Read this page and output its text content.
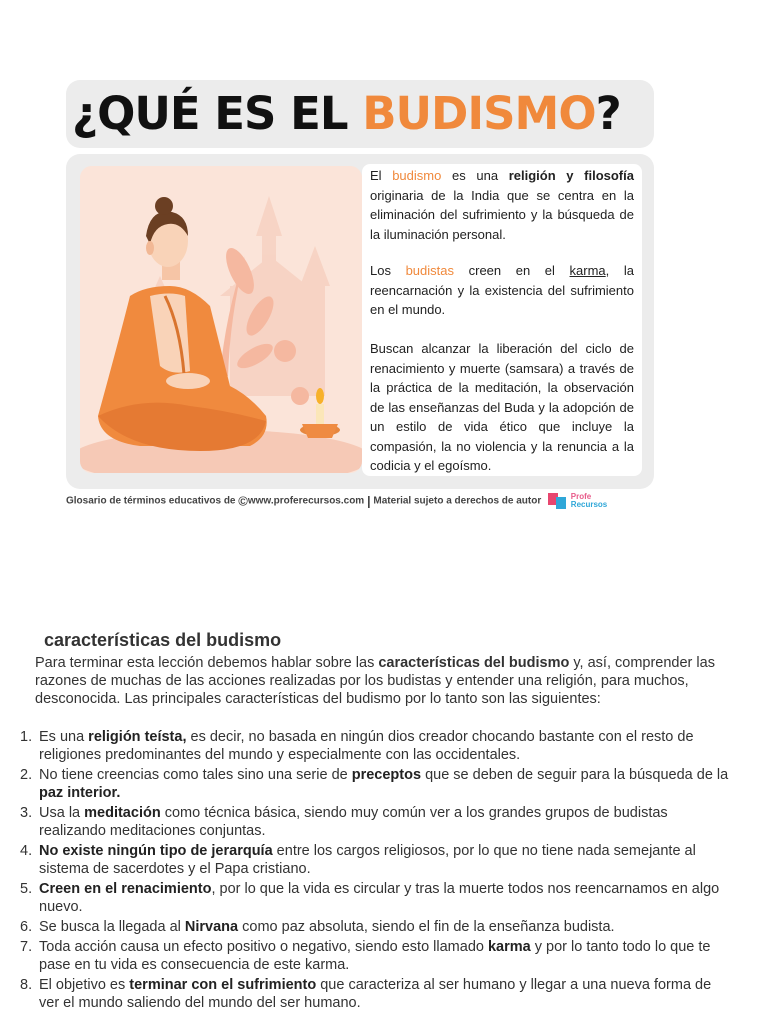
¿QUÉ ES EL BUDISMO?

El budismo es una religión y filosofía originaria de la India que se centra en la eliminación del sufrimiento y la búsqueda de la iluminación personal.

Los budistas creen en el karma, la reencarnación y la existencia del sufrimiento en el mundo.

Buscan alcanzar la liberación del ciclo de renacimiento y muerte (samsara) a través de la práctica de la meditación, la observación de las enseñanzas del Buda y la adopción de un estilo de vida ético que incluye la compasión, la no violencia y la renuncia a la codicia y el egoísmo.

Glosario de términos educativos de ©www.proferecursos.com | Material sujeto a derechos de autor	Profe
Recursos
características del budismo

Para terminar esta lección debemos hablar sobre las características del budismo y, así, comprender las razones de muchas de las acciones realizadas por los budistas y entender una religión, para muchos, desconocida. Las principales características del budismo por lo tanto son las siguientes:

1. Es una religión teísta, es decir, no basada en ningún dios creador chocando bastante con el resto de religiones predominantes del mundo y especialmente con las occidentales.
2. No tiene creencias como tales sino una serie de preceptos que se deben de seguir para la búsqueda de la paz interior.
3. Usa la meditación como técnica básica, siendo muy común ver a los grandes grupos de budistas realizando meditaciones conjuntas.
4. No existe ningún tipo de jerarquía entre los cargos religiosos, por lo que no tiene nada semejante al sistema de sacerdotes y el Papa cristiano.
5. Creen en el renacimiento, por lo que la vida es circular y tras la muerte todos nos reencarnamos en algo nuevo.
6. Se busca la llegada al Nirvana como paz absoluta, siendo el fin de la enseñanza budista.
7. Toda acción causa un efecto positivo o negativo, siendo esto llamado karma y por lo tanto todo lo que te pase en tu vida es consecuencia de este karma.
8. El objetivo es terminar con el sufrimiento que caracteriza al ser humano y llegar a una nueva forma de ver el mundo saliendo del mundo del ser humano.
